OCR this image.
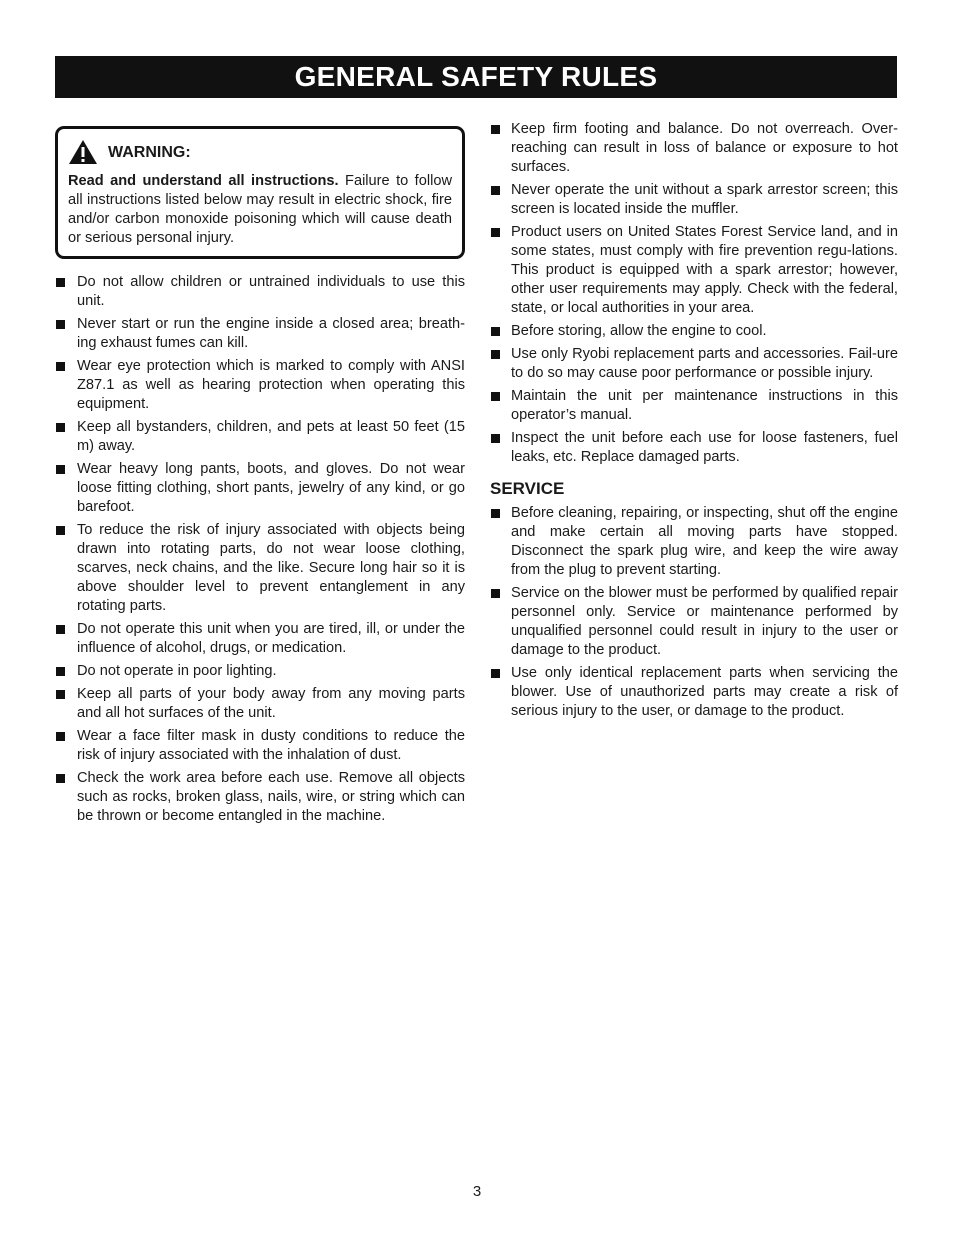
GENERAL SAFETY RULES
WARNING:
Read and understand all instructions. Failure to follow all instructions listed below may result in electric shock, fire and/or carbon monoxide poisoning which will cause death or serious personal injury.
Do not allow children or untrained individuals to use this unit.
Never start or run the engine inside a closed area; breath-ing exhaust fumes can kill.
Wear eye protection which is marked to comply with ANSI Z87.1 as well as hearing protection when operating this equipment.
Keep all bystanders, children, and pets at least 50 feet (15 m) away.
Wear heavy long pants, boots, and gloves. Do not wear loose fitting clothing, short pants, jewelry of any kind, or go barefoot.
To reduce the risk of injury associated with objects being drawn into rotating parts, do not wear loose clothing, scarves, neck chains, and the like. Secure long hair so it is above shoulder level to prevent entanglement in any rotating parts.
Do not operate this unit when you are tired, ill, or under the influence of alcohol, drugs, or medication.
Do not operate in poor lighting.
Keep all parts of your body away from any moving parts and all hot surfaces of the unit.
Wear a face filter mask in dusty conditions to reduce the risk of injury associated with the inhalation of dust.
Check the work area before each use. Remove all objects such as rocks, broken glass, nails, wire, or string which can be thrown or become entangled in the machine.
Keep firm footing and balance. Do not overreach. Over-reaching can result in loss of balance or exposure to hot surfaces.
Never operate the unit without a spark arrestor screen; this screen is located inside the muffler.
Product users on United States Forest Service land, and in some states, must comply with fire prevention regu-lations. This product is equipped with a spark arrestor; however, other user requirements may apply. Check with the federal, state, or local authorities in your area.
Before storing, allow the engine to cool.
Use only Ryobi replacement parts and accessories. Fail-ure to do so may cause poor performance or possible injury.
Maintain the unit per maintenance instructions in this operator’s manual.
Inspect the unit before each use for loose fasteners, fuel leaks, etc. Replace damaged parts.
SERVICE
Before cleaning, repairing, or inspecting, shut off the engine and make certain all moving parts have stopped. Disconnect the spark plug wire, and keep the wire away from the plug to prevent starting.
Service on the blower must be performed by qualified repair personnel only. Service or maintenance performed by unqualified personnel could result in injury to the user or damage to the product.
Use only identical replacement parts when servicing the blower. Use of unauthorized parts may create a risk of serious injury to the user, or damage to the product.
3
